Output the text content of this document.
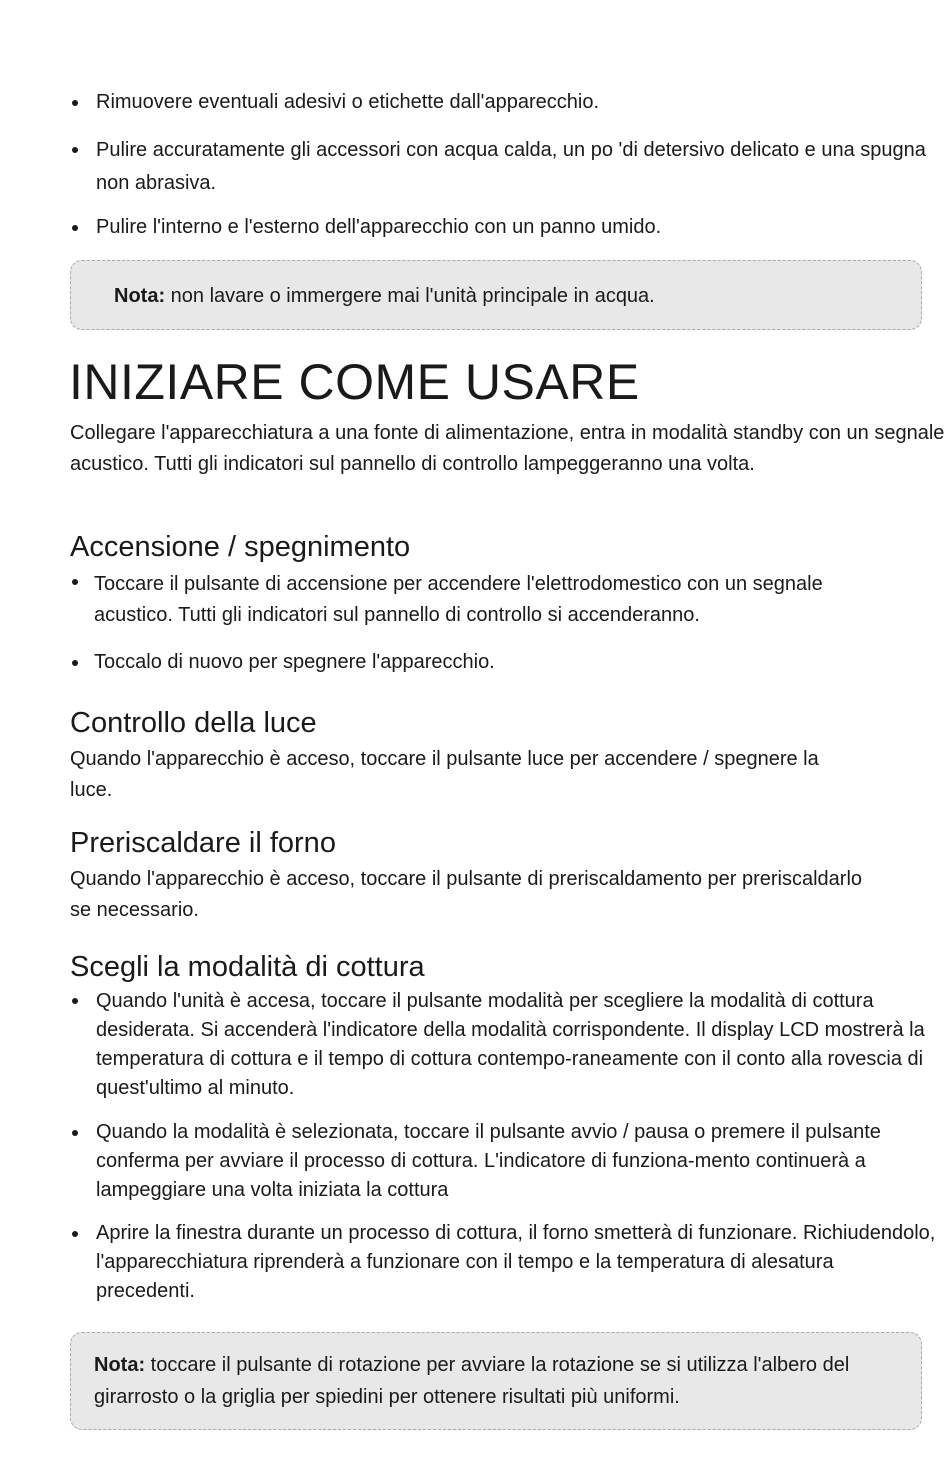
Rimuovere eventuali adesivi o etichette dall'apparecchio.
Pulire accuratamente gli accessori con acqua calda, un po 'di detersivo delicato e una spugna non abrasiva.
Pulire l'interno e l'esterno dell'apparecchio con un panno umido.

Nota: non lavare o immergere mai l'unità principale in acqua.

INIZIARE COME USARE

Collegare l'apparecchiatura a una fonte di alimentazione, entra in modalità standby con un segnale acustico. Tutti gli indicatori sul pannello di controllo lampeggeranno una volta.

Accensione / spegnimento
Toccare il pulsante di accensione per accendere l'elettrodomestico con un segnale acustico. Tutti gli indicatori sul pannello di controllo si accenderanno.
Toccalo di nuovo per spegnere l'apparecchio.
Controllo della luce

Quando l'apparecchio è acceso, toccare il pulsante luce per accendere / spegnere la luce.

Preriscaldare il forno

Quando l'apparecchio è acceso, toccare il pulsante di preriscaldamento per preriscaldarlo se necessario.

Scegli la modalità di cottura
Quando l'unità è accesa, toccare il pulsante modalità per scegliere la modalità di cottura desiderata. Si accenderà l'indicatore della modalità corrispondente. Il display LCD mostrerà la temperatura di cottura e il tempo di cottura contempo-raneamente con il conto alla rovescia di quest'ultimo al minuto.
Quando la modalità è selezionata, toccare il pulsante avvio / pausa o premere il pulsante conferma per avviare il processo di cottura. L'indicatore di funziona-mento continuerà a lampeggiare una volta iniziata la cottura
Aprire la finestra durante un processo di cottura, il forno smetterà di funzionare. Richiudendolo, l'apparecchiatura riprenderà a funzionare con il tempo e la temperatura di alesatura precedenti.

Nota: toccare il pulsante di rotazione per avviare la rotazione se si utilizza l'albero del girarrosto o la griglia per spiedini per ottenere risultati più uniformi.
